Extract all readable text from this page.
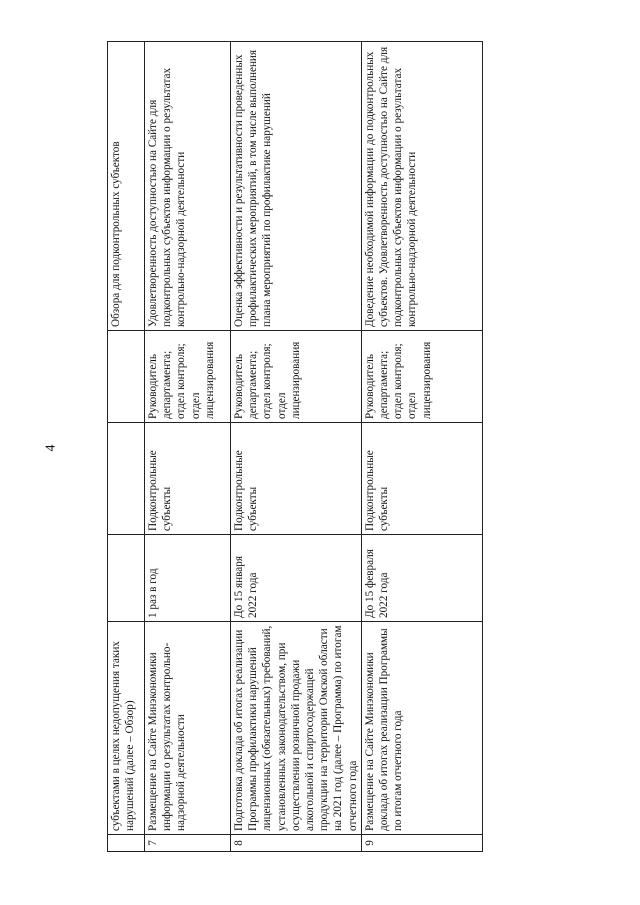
4
	субъектами в целях недопущения таких нарушений (далее – Обзор)				Обзора для подконтрольных субъектов
7	Размещение на Сайте Минэкономики информации о результатах контрольно-надзорной деятельности	1 раз в год	Подконтрольные субъекты	Руководитель департамента; отдел контроля; отдел лицензирования	Удовлетворенность доступностью на Сайте для подконтрольных субъектов информации о результатах контрольно-надзорной деятельности
8	Подготовка доклада об итогах реализации Программы профилактики нарушений лицензионных (обязательных) требований, установленных законодательством, при осуществлении розничной продажи алкогольной и спиртосодержащей продукции на территории Омской области на 2021 год (далее – Программа) по итогам отчетного года	До 15 января 2022 года	Подконтрольные субъекты	Руководитель департамента; отдел контроля; отдел лицензирования	Оценка эффективности и результативности проведенных профилактических мероприятий, в том числе выполнения плана мероприятий по профилактике нарушений
9	Размещение на Сайте Минэкономики доклада об итогах реализации Программы по итогам отчетного года	До 15 февраля 2022 года	Подконтрольные субъекты	Руководитель департамента; отдел контроля; отдел лицензирования	Доведение необходимой информации до подконтрольных субъектов. Удовлетворенность доступностью на Сайте для подконтрольных субъектов информации о результатах контрольно-надзорной деятельности
